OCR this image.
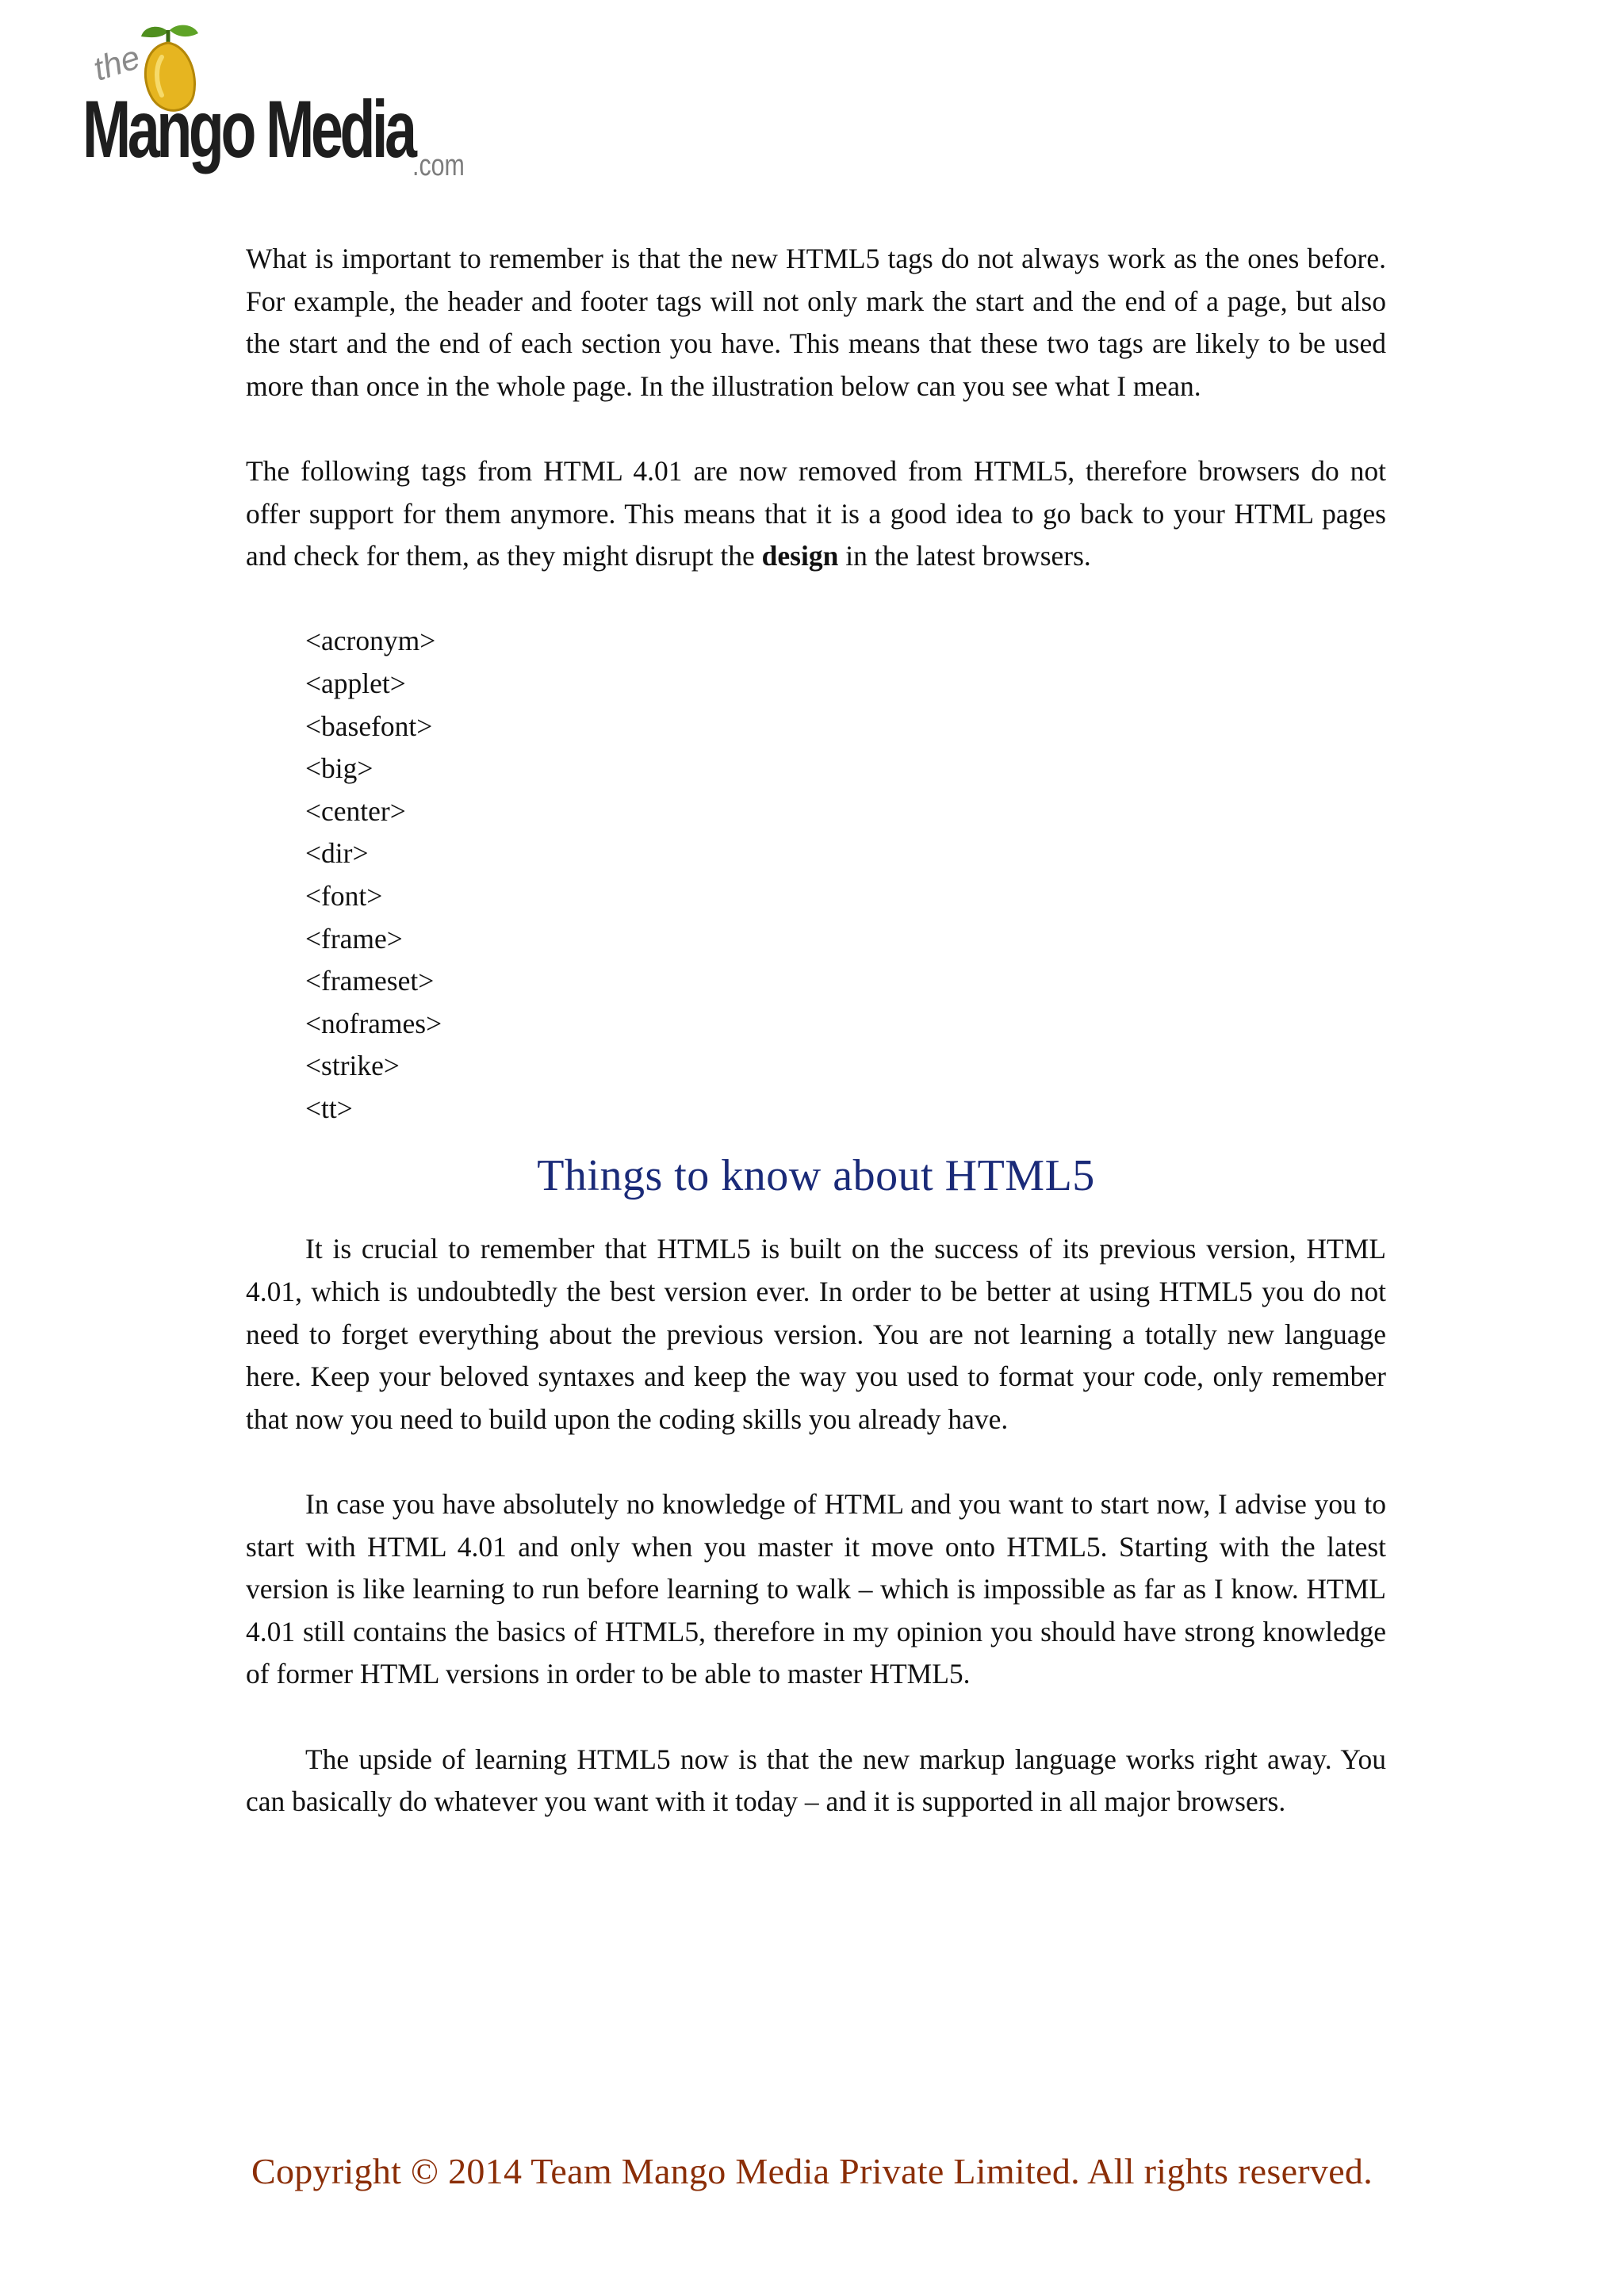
the
Mango Media
.com

What is important to remember is that the new HTML5 tags do not always work as the ones before. For example, the header and footer tags will not only mark the start and the end of a page, but also the start and the end of each section you have. This means that these two tags are likely to be used more than once in the whole page. In the illustration below can you see what I mean.

The following tags from HTML 4.01 are now removed from HTML5, therefore browsers do not offer support for them anymore. This means that it is a good idea to go back to your HTML pages and check for them, as they might disrupt the design in the latest browsers.

<acronym>
<applet>
<basefont>
<big>
<center>
<dir>
<font>
<frame>
<frameset>
<noframes>
<strike>
<tt>
Things to know about HTML5

It is crucial to remember that HTML5 is built on the success of its previous version, HTML 4.01, which is undoubtedly the best version ever. In order to be better at using HTML5 you do not need to forget everything about the previous version. You are not learning a totally new language here. Keep your beloved syntaxes and keep the way you used to format your code, only remember that now you need to build upon the coding skills you already have.

In case you have absolutely no knowledge of HTML and you want to start now, I advise you to start with HTML 4.01 and only when you master it move onto HTML5. Starting with the latest version is like learning to run before learning to walk – which is impossible as far as I know. HTML 4.01 still contains the basics of HTML5, therefore in my opinion you should have strong knowledge of former HTML versions in order to be able to master HTML5.

The upside of learning HTML5 now is that the new markup language works right away. You can basically do whatever you want with it today – and it is supported in all major browsers.

Copyright © 2014 Team Mango Media Private Limited. All rights reserved.
